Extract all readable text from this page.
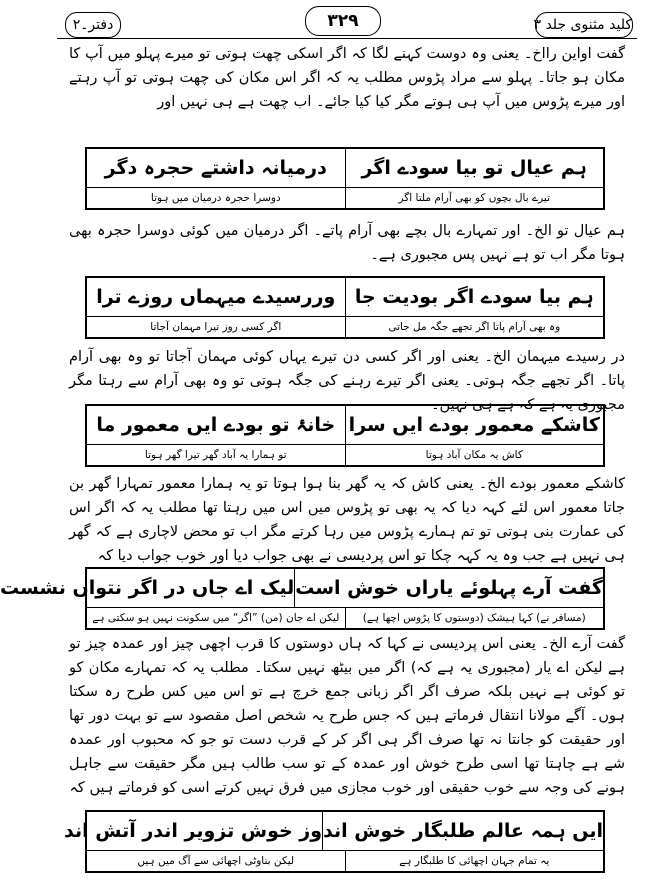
کلید مثنوی جلد ۳
۳۲۹
دفتر۔۲

گفت اواین رااخ۔ یعنی وہ دوست کہنے لگا کہ اگر اسکی چھت ہوتی تو میرے پہلو میں آپ کا مکان ہو جاتا۔ پہلو سے مراد پڑوس مطلب یہ کہ اگر اس مکان کی چھت ہوتی تو آپ رہتے اور میرے پڑوس میں آپ ہی ہوتے مگر کیا کیا جائے۔ اب چھت ہے ہی نہیں اور

ہم عیال تو بیا سودے اگر
درمیانہ داشتے حجرہ دگر
تیرے بال بچوں کو بھی آرام ملتا اگر
دوسرا حجرہ درمیان میں ہوتا

ہم عیال تو الخ۔ اور تمہارے بال بچے بھی آرام پاتے۔ اگر درمیان میں کوئی دوسرا حجرہ بھی ہوتا مگر اب تو ہے نہیں پس مجبوری ہے۔

ہم بیا سودے اگر بودیت جا
وررسیدے میہماں روزے ترا
وہ بھی آرام پاتا اگر تجھے جگہ مل جاتی
اگر کسی روز تیرا مہمان آجاتا

در رسیدے میہمان الخ۔ یعنی اور اگر کسی دن تیرے یہاں کوئی مہمان آجاتا تو وہ بھی آرام پاتا۔ اگر تجھے جگہ ہوتی۔ یعنی اگر تیرے رہنے کی جگہ ہوتی تو وہ بھی آرام سے رہتا مگر مجبوری یہ ہے کہ ہے ہی نہیں۔

کاشکے معمور بودے ایں سرا
خانۂ تو بودے ایں معمور ما
کاش یہ مکان آباد ہوتا
تو ہمارا یہ آباد گھر تیرا گھر ہوتا

کاشکے معمور بودے الخ۔ یعنی کاش کہ یہ گھر بنا ہوا ہوتا تو یہ ہمارا معمور تمہارا گھر بن جاتا معمور اس لئے کہہ دیا کہ یہ بھی تو پڑوس میں اس میں رہتا تھا مطلب یہ کہ اگر اس کی عمارت بنی ہوتی تو تم ہمارے پڑوس میں رہا کرتے مگر اب تو محض لاچاری ہے کہ گھر ہی نہیں ہے جب وہ یہ کہہ چکا تو اس پردیسی نے بھی جواب دیا اور خوب جواب دیا کہ

گفت آرے پہلوئے یاراں خوش است
لیک اے جاں در اگر نتواں نشست
(مسافر نے) کہا ہیشک (دوستوں کا پڑوس اچھا ہے)
لیکن اے جان (من) ”اگر“ میں سکونت نہیں ہو سکتی ہے

گفت آرے الخ۔ یعنی اس پردیسی نے کہا کہ ہاں دوستوں کا قرب اچھی چیز اور عمدہ چیز تو ہے لیکن اے یار (مجبوری یہ ہے کہ) اگر میں بیٹھ نہیں سکتا۔ مطلب یہ کہ تمہارے مکان کو تو کوئی ہے نہیں بلکہ صرف اگر اگر زبانی جمع خرچ ہے تو اس میں کس طرح رہ سکتا ہوں۔ آگے مولانا انتقال فرماتے ہیں کہ جس طرح یہ شخص اصل مقصود سے تو بہت دور تھا اور حقیقت کو جانتا نہ تھا صرف اگر ہی اگر کر کے قرب دست تو جو کہ محبوب اور عمدہ شے ہے چاہتا تھا اسی طرح خوش اور عمدہ کے تو سب طالب ہیں مگر حقیقت سے جاہل ہونے کی وجہ سے خوب حقیقی اور خوب مجازی میں فرق نہیں کرتے اسی کو فرماتے ہیں کہ

ایں ہمہ عالم طلبگار خوش اند
وز خوش تزویر اندر آتش اند
یہ تمام جہان اچھائی کا طلبگار ہے
لیکن بناوٹی اچھائی سے آگ میں ہیں
